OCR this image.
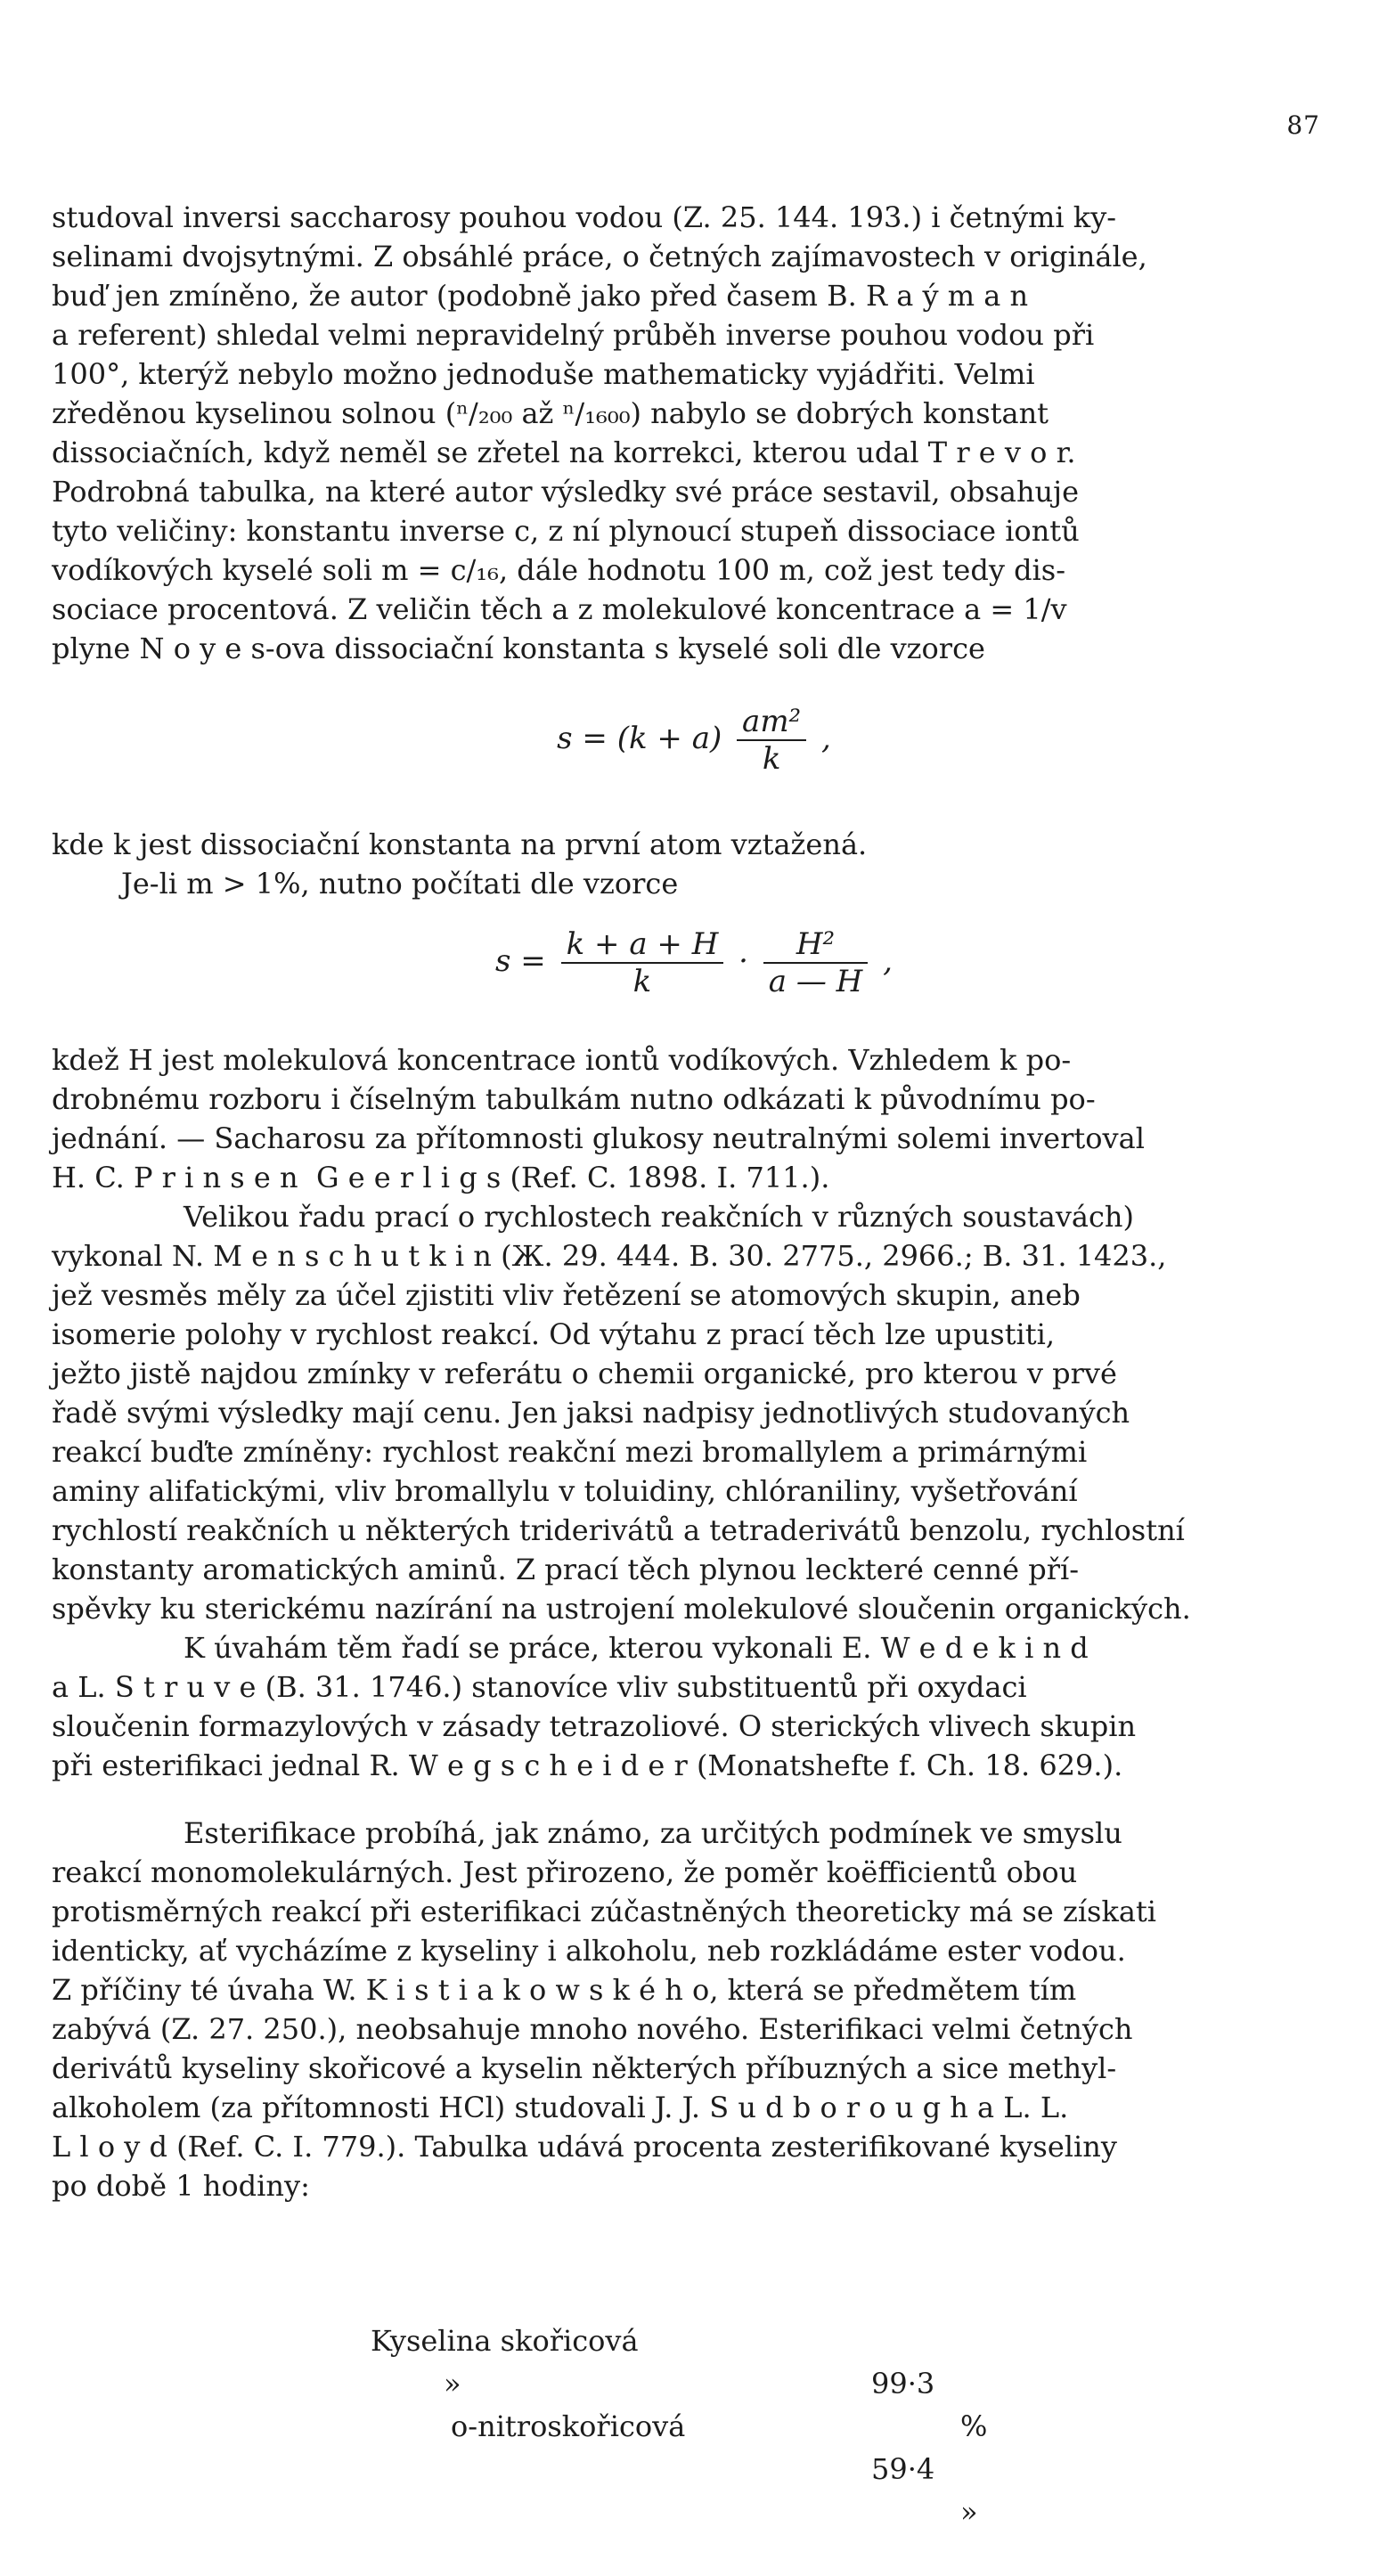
87
studoval inversi saccharosy pouhou vodou (Z. 25. 144. 193.) i četnými ky-
selinami dvojsytnými. Z obsáhlé práce, o četných zajímavostech v originále,
buď jen zmíněno, že autor (podobně jako před časem B. R a ý m a n
a referent) shledal velmi nepravidelný průběh inverse pouhou vodou při
100°, kterýž nebylo možno jednoduše mathematicky vyjádřiti. Velmi
zředěnou kyselinou solnou (ⁿ/₂₀₀ až ⁿ/₁₆₀₀) nabylo se dobrých konstant
dissociačních, když neměl se zřetel na korrekci, kterou udal T r e v o r.
Podrobná tabulka, na které autor výsledky své práce sestavil, obsahuje
tyto veličiny: konstantu inverse c, z ní plynoucí stupeň dissociace iontů
vodíkových kyselé soli m = c/₁₆, dále hodnotu 100 m, což jest tedy dis-
sociace procentová. Z veličin těch a z molekulové koncentrace a = 1/v
plyne N o y e s-ova dissociační konstanta s kyselé soli dle vzorce
$s = (k + a) \frac{\text{am²}}{k}$ ,
kde k jest dissociační konstanta na první atom vztažená.
Je-li m > 1%, nutno počítati dle vzorce
$s = \frac{k + a + H}{k} \cdot \frac{\text{H²}}{a — H}$ ,
kdež H jest molekulová koncentrace iontů vodíkových. Vzhledem k po-
drobnému rozboru i číselným tabulkám nutno odkázati k původnímu po-
jednání. — Sacharosu za přítomnosti glukosy neutralnými solemi invertoval
H. C. P r i n s e n  G e e r l i g s (Ref. C. 1898. I. 711.).
Velikou řadu prací o rychlostech reakčních v různých soustavách)
vykonal N. M e n s c h u t k i n (Ж. 29. 444. B. 30. 2775., 2966.; B. 31. 1423.,
jež vesměs měly za účel zjistiti vliv řetězení se atomových skupin, aneb
isomerie polohy v rychlost reakcí. Od výtahu z prací těch lze upustiti,
ježto jistě najdou zmínky v referátu o chemii organické, pro kterou v prvé
řadě svými výsledky mají cenu. Jen jaksi nadpisy jednotlivých studovaných
reakcí buďte zmíněny: rychlost reakční mezi bromallylem a primárnými
aminy alifatickými, vliv bromallylu v toluidiny, chlóraniliny, vyšetřování
rychlostí reakčních u některých triderivátů a tetraderivátů benzolu, rychlostní
konstanty aromatických aminů. Z prací těch plynou leckteré cenné pří-
spěvky ku sterickému nazírání na ustrojení molekulové sloučenin organických.
K úvahám těm řadí se práce, kterou vykonali E. W e d e k i n d
a L. S t r u v e (B. 31. 1746.) stanovíce vliv substituentů při oxydaci
sloučenin formazylových v zásady tetrazoliové. O sterických vlivech skupin
při esterifikaci jednal R. W e g s c h e i d e r (Monatshefte f. Ch. 18. 629.).
Esterifikace probíhá, jak známo, za určitých podmínek ve smyslu
reakcí monomolekulárných. Jest přirozeno, že poměr koëfficientů obou
protisměrných reakcí při esterifikaci zúčastněných theoreticky má se získati
identicky, ať vycházíme z kyseliny i alkoholu, neb rozkládáme ester vodou.
Z příčiny té úvaha W. K i s t i a k o w s k é h o, která se předmětem tím
zabývá (Z. 27. 250.), neobsahuje mnoho nového. Esterifikaci velmi četných
derivátů kyseliny skořicové a kyselin některých příbuzných a sice methyl-
alkoholem (za přítomnosti HCl) studovali J. J. S u d b o r o u g h a L. L.
L l o y d (Ref. C. I. 779.). Tabulka udává procenta zesterifikované kyseliny
po době 1 hodiny:

Kyselina skořicová

99·3

%

»

o-nitroskořicová

59·4

»
